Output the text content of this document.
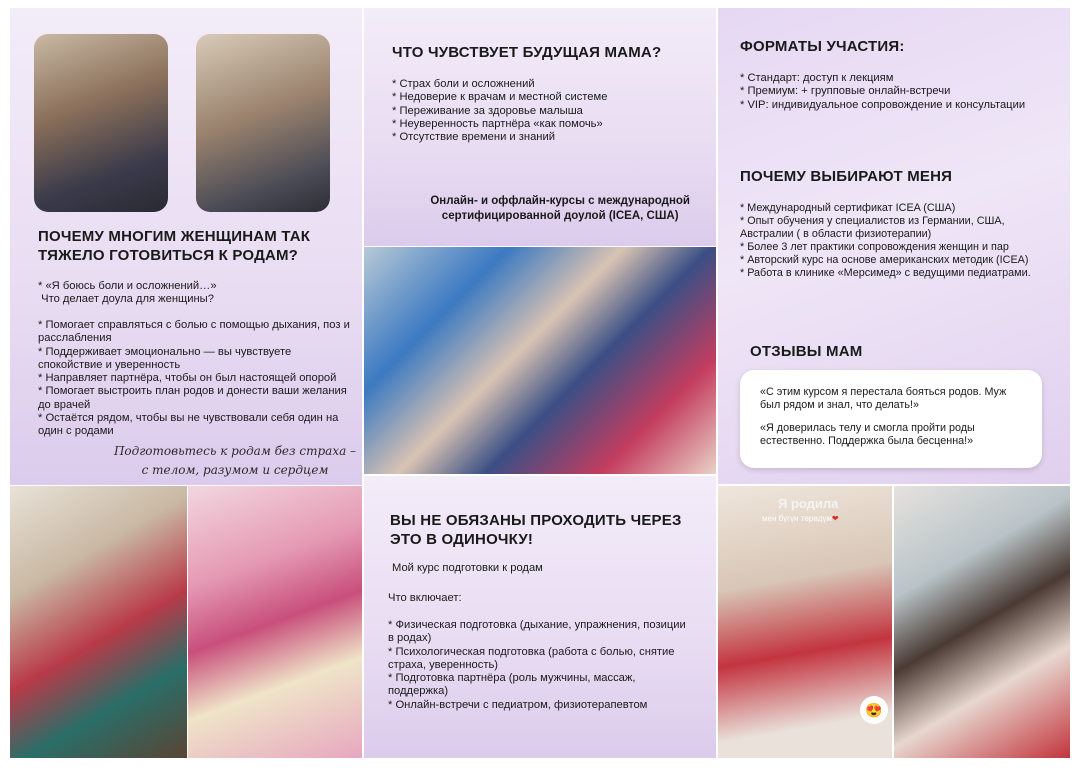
ПОЧЕМУ МНОГИМ ЖЕНЩИНАМ ТАК ТЯЖЕЛО ГОТОВИТЬСЯ К РОДАМ?
* «Я боюсь боли и осложнений…»
Что делает доула для женщины?
* Помогает справляться с болью с помощью дыхания, поз и расслабления
* Поддерживает эмоционально — вы чувствуете спокойствие и уверенность
* Направляет партнёра, чтобы он был настоящей опорой
* Помогает выстроить план родов и донести ваши желания до врачей
* Остаётся рядом, чтобы вы не чувствовали себя один на один с родами
Подготовьтесь к родам без страха –
с телом, разумом и сердцем
ЧТО ЧУВСТВУЕТ БУДУЩАЯ МАМА?
* Страх боли и осложнений
* Недоверие к врачам и местной системе
* Переживание за здоровье малыша
* Неуверенность партнёра «как помочь»
* Отсутствие времени и знаний
Онлайн- и оффлайн-курсы с международной
сертифицированной доулой (ICEA, США)
ВЫ НЕ ОБЯЗАНЫ ПРОХОДИТЬ ЧЕРЕЗ ЭТО В ОДИНОЧКУ!
Мой курс подготовки к родам
Что включает:
* Физическая подготовка (дыхание, упражнения, позиции в родах)
* Психологическая подготовка (работа с болью, снятие страха, уверенность)
* Подготовка партнёра (роль мужчины, массаж, поддержка)
* Онлайн-встречи с педиатром, физиотерапевтом
ФОРМАТЫ УЧАСТИЯ:
* Стандарт: доступ к лекциям
* Премиум: + групповые онлайн-встречи
* VIP: индивидуальное сопровождение и консультации
ПОЧЕМУ ВЫБИРАЮТ МЕНЯ
* Международный сертификат ICEA (США)
* Опыт обучения у специалистов из Германии, США, Австралии ( в области физиотерапии)
* Более 3 лет практики сопровождения женщин и пар
* Авторский курс на основе американских методик (ICEA)
* Работа в клинике «Мерсимед» с ведущими педиатрами.
ОТЗЫВЫ МАМ
«С этим курсом я перестала бояться родов. Муж был рядом и знал, что делать!»
«Я доверилась телу и смогла пройти роды естественно. Поддержка была бесценна!»
Я родила
мен бүгүн төрөдүм❤
😍
